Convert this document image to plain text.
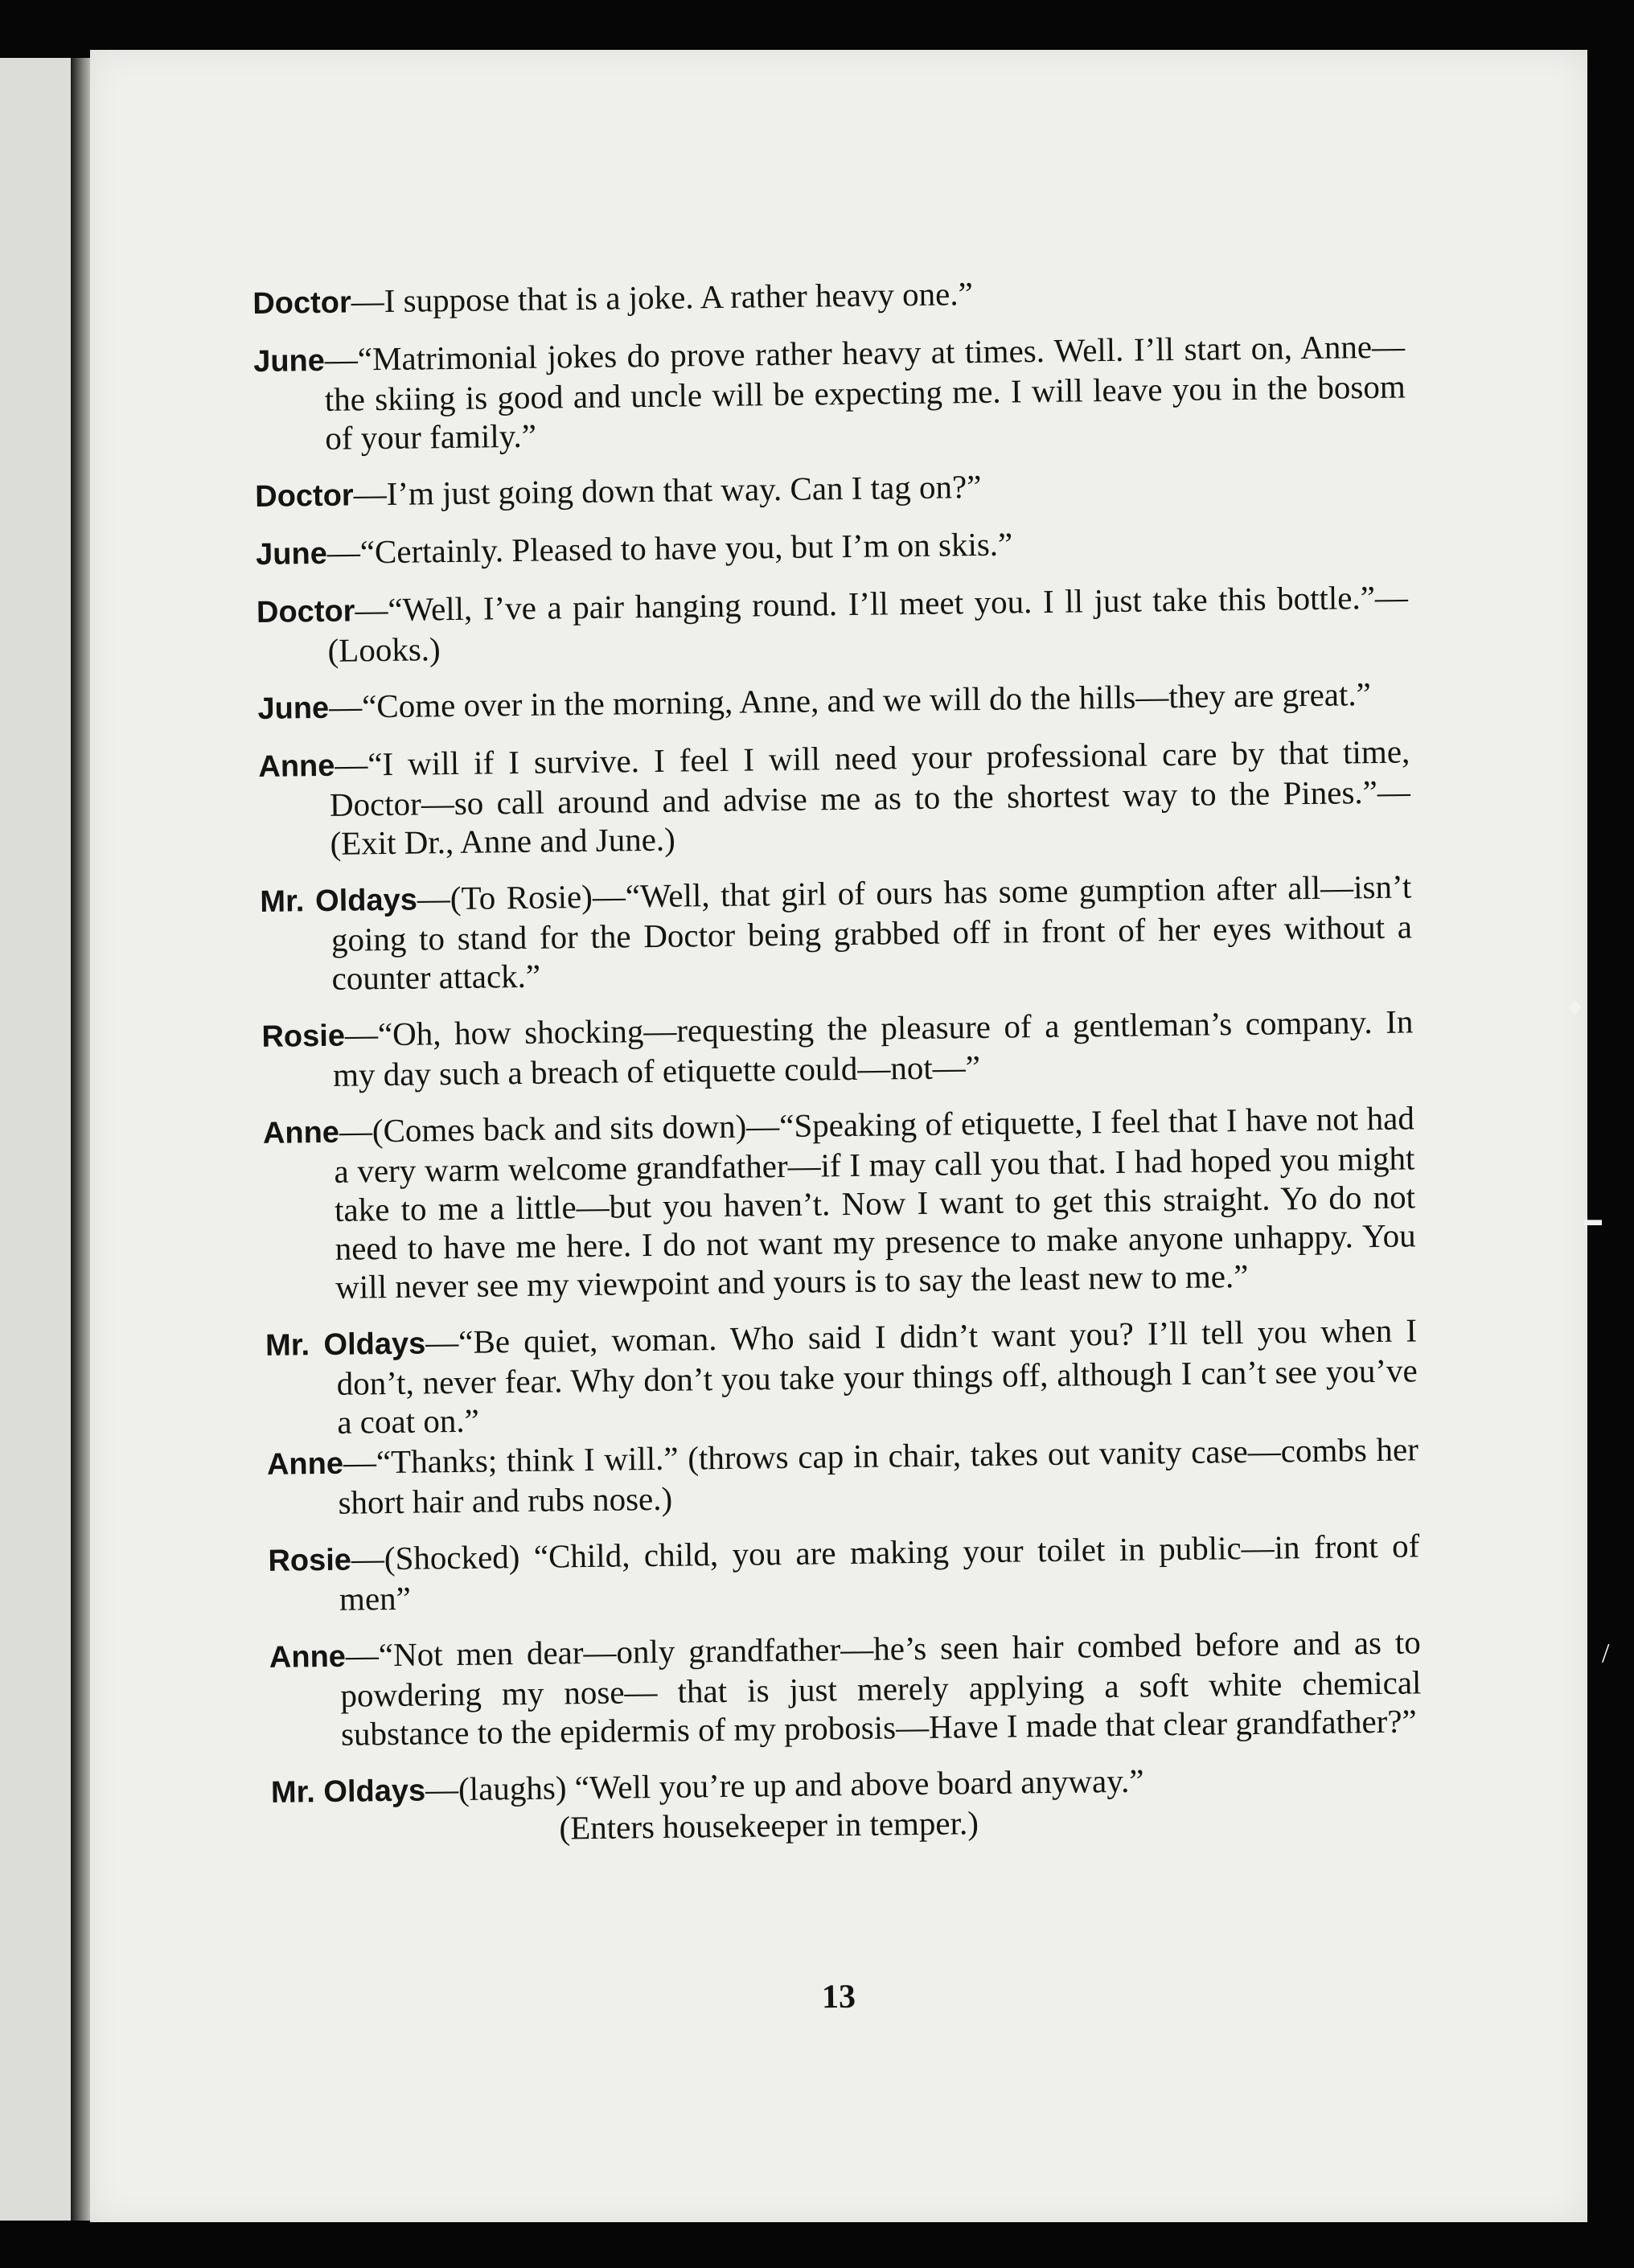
Doctor—I suppose that is a joke. A rather heavy one.”

June—“Matrimonial jokes do prove rather heavy at times. Well. I’ll start on, Anne—the skiing is good and uncle will be expecting me. I will leave you in the bosom of your family.”

Doctor—I’m just going down that way. Can I tag on?”

June—“Certainly. Pleased to have you, but I’m on skis.”

Doctor—“Well, I’ve a pair hanging round. I’ll meet you. I ll just take this bottle.”—(Looks.)

June—“Come over in the morning, Anne, and we will do the hills—they are great.”

Anne—“I will if I survive. I feel I will need your professional care by that time, Doctor—so call around and advise me as to the shortest way to the Pines.”—(Exit Dr., Anne and June.)

Mr. Oldays—(To Rosie)—“Well, that girl of ours has some gumption after all—isn’t going to stand for the Doctor being grabbed off in front of her eyes without a counter attack.”

Rosie—“Oh, how shocking—requesting the pleasure of a gentleman’s company. In my day such a breach of etiquette could—not—”

Anne—(Comes back and sits down)—“Speaking of etiquette, I feel that I have not had a very warm welcome grandfather—if I may call you that. I had hoped you might take to me a little—but you haven’t. Now I want to get this straight. Yo do not need to have me here. I do not want my presence to make anyone unhappy. You will never see my viewpoint and yours is to say the least new to me.”

Mr. Oldays—“Be quiet, woman. Who said I didn’t want you? I’ll tell you when I don’t, never fear. Why don’t you take your things off, although I can’t see you’ve a coat on.”

Anne—“Thanks; think I will.” (throws cap in chair, takes out vanity case—combs her short hair and rubs nose.)

Rosie—(Shocked) “Child, child, you are making your toilet in public—in front of men”

Anne—“Not men dear—only grandfather—he’s seen hair combed before and as to powdering my nose— that is just merely applying a soft white chemical substance to the epidermis of my probosis—Have I made that clear grandfather?”

Mr. Oldays—(laughs) “Well you’re up and above board anyway.”
(Enters housekeeper in temper.)

13
♦
▬
/
